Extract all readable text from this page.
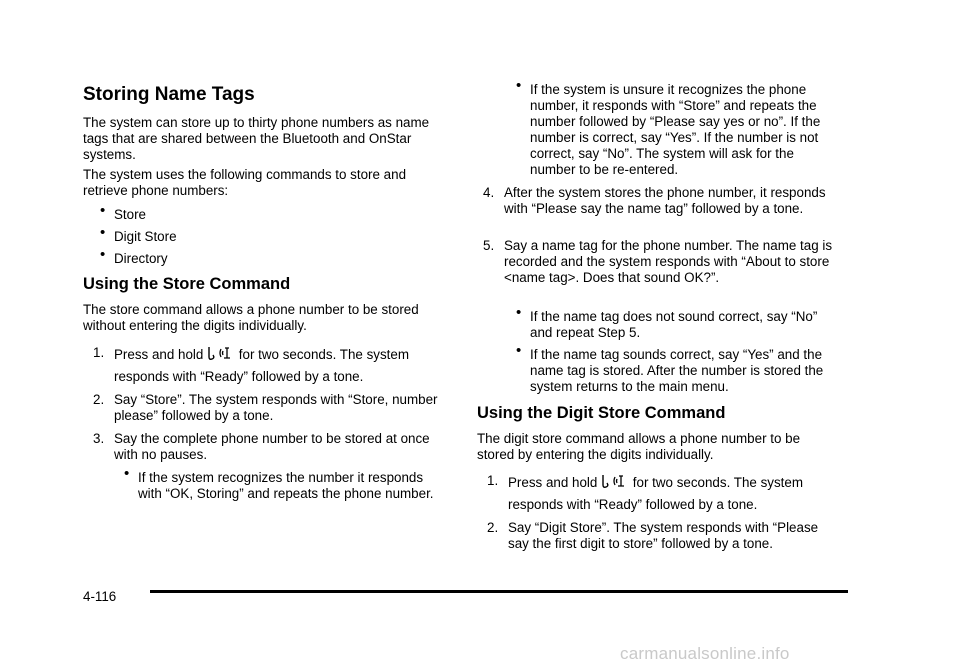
Storing Name Tags

The system can store up to thirty phone numbers as name tags that are shared between the Bluetooth and OnStar systems.

The system uses the following commands to store and retrieve phone numbers:

• Store
• Digit Store
• Directory
Using the Store Command

The store command allows a phone number to be stored without entering the digits individually.

1. Press and hold	for two seconds. The system

responds with “Ready” followed by a tone.

2. Say “Store”. The system responds with “Store, number please” followed by a tone.
3. Say the complete phone number to be stored at once with no pauses.
• If the system recognizes the number it responds with “OK, Storing” and repeats the phone number.
• If the system is unsure it recognizes the phone number, it responds with “Store” and repeats the number followed by “Please say yes or no”. If the number is correct, say “Yes”. If the number is not correct, say “No”. The system will ask for the number to be re-entered.
4. After the system stores the phone number, it responds with “Please say the name tag” followed by a tone.
5. Say a name tag for the phone number. The name tag is recorded and the system responds with “About to store <name tag>. Does that sound OK?”.
• If the name tag does not sound correct, say “No” and repeat Step 5.
• If the name tag sounds correct, say “Yes” and the name tag is stored. After the number is stored the system returns to the main menu.
Using the Digit Store Command

The digit store command allows a phone number to be stored by entering the digits individually.

1. Press and hold	for two seconds. The system

responds with “Ready” followed by a tone.

2. Say “Digit Store”. The system responds with “Please say the first digit to store” followed by a tone.
4-116
carmanualsonline.info
